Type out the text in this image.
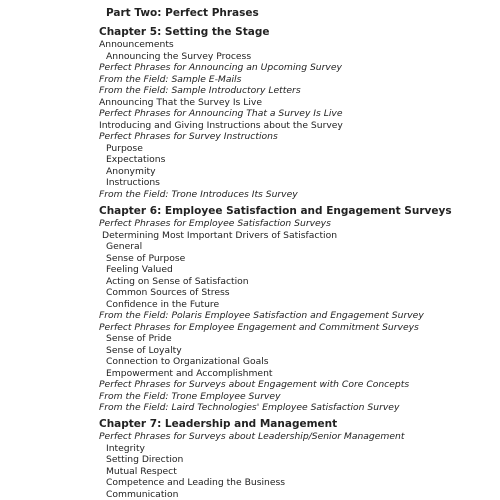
Part Two: Perfect Phrases
Chapter 5: Setting the Stage
Announcements
Announcing the Survey Process
Perfect Phrases for Announcing an Upcoming Survey
From the Field: Sample E-Mails
From the Field: Sample Introductory Letters
Announcing That the Survey Is Live
Perfect Phrases for Announcing That a Survey Is Live
Introducing and Giving Instructions about the Survey
Perfect Phrases for Survey Instructions
Purpose
Expectations
Anonymity
Instructions
From the Field: Trone Introduces Its Survey
Chapter 6: Employee Satisfaction and Engagement Surveys
Perfect Phrases for Employee Satisfaction Surveys
Determining Most Important Drivers of Satisfaction
General
Sense of Purpose
Feeling Valued
Acting on Sense of Satisfaction
Common Sources of Stress
Confidence in the Future
From the Field: Polaris Employee Satisfaction and Engagement Survey
Perfect Phrases for Employee Engagement and Commitment Surveys
Sense of Pride
Sense of Loyalty
Connection to Organizational Goals
Empowerment and Accomplishment
Perfect Phrases for Surveys about Engagement with Core Concepts
From the Field: Trone Employee Survey
From the Field: Laird Technologies' Employee Satisfaction Survey
Chapter 7: Leadership and Management
Perfect Phrases for Surveys about Leadership/Senior Management
Integrity
Setting Direction
Mutual Respect
Competence and Leading the Business
Communication
